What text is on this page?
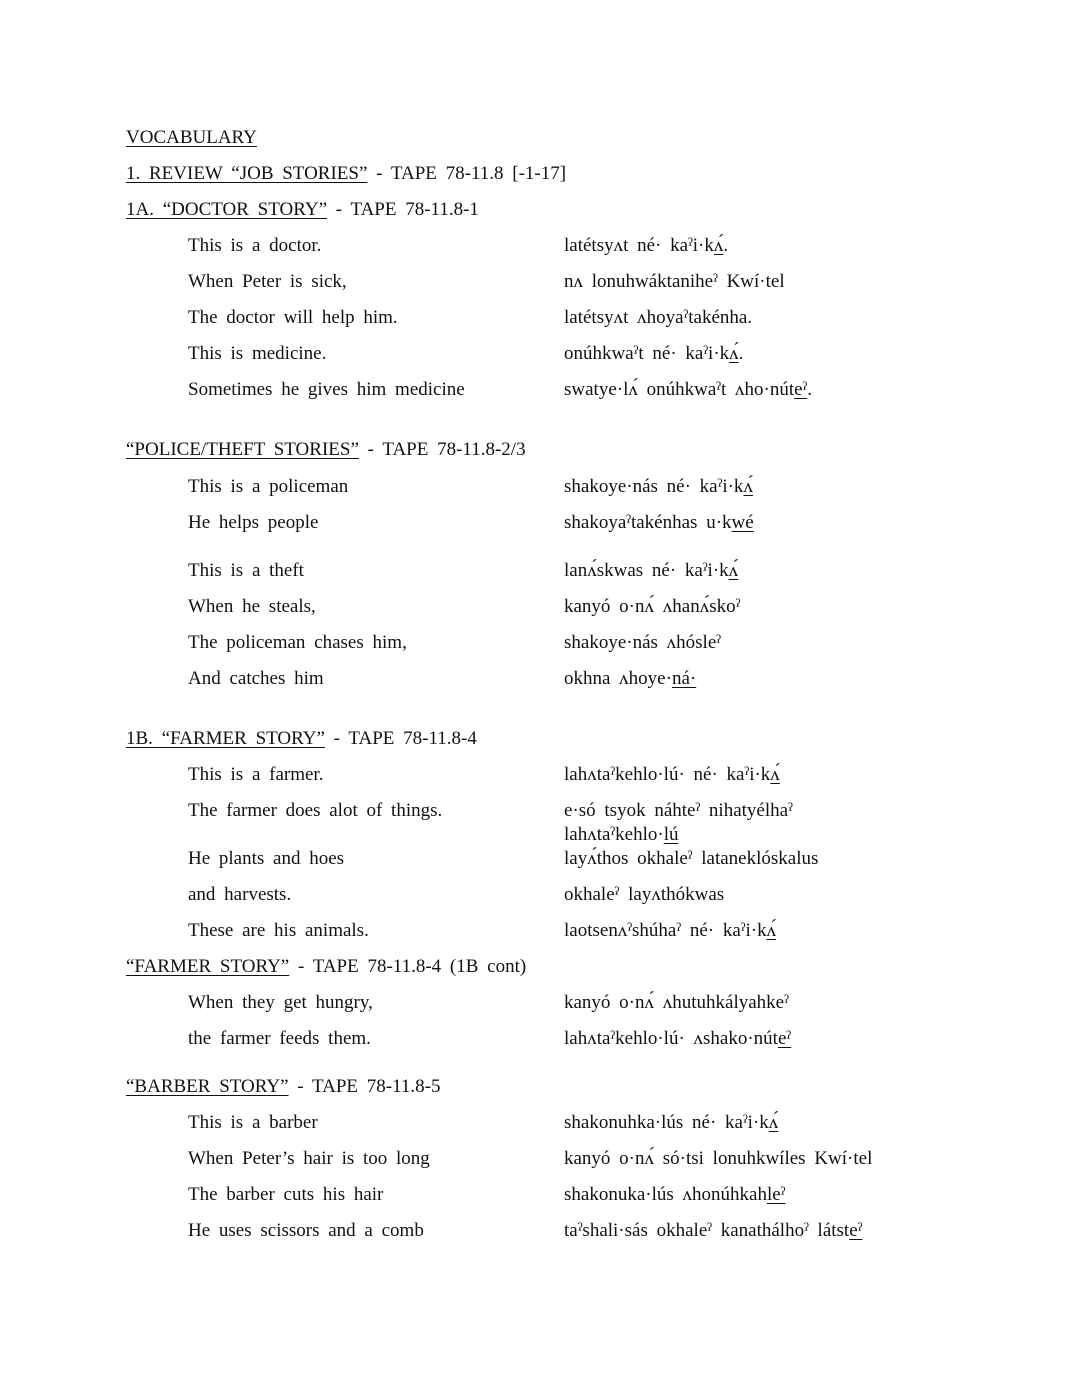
VOCABULARY
1. REVIEW “JOB STORIES” - TAPE 78-11.8 [-1-17]
1A. “DOCTOR STORY” - TAPE 78-11.8-1
This is a doctor.	latétsyʌt né· kaˀi·kʌ́.
When Peter is sick,	nʌ lonuhwáktaniheˀ Kwí·tel
The doctor will help him.	latétsyʌt ʌhoyaˀtakénha.
This is medicine.	onúhkwaˀt né· kaˀi·kʌ́.
Sometimes he gives him medicine	swatye·lʌ́ onúhkwaˀt ʌho·núteˀ.
“POLICE/THEFT STORIES” - TAPE 78-11.8-2/3
This is a policeman	shakoye·nás né· kaˀi·kʌ́
He helps people	shakoyaˀtakénhas u·kwé
This is a theft	lanʌ́skwas né· kaˀi·kʌ́
When he steals,	kanyó o·nʌ́ ʌhanʌ́skoˀ
The policeman chases him,	shakoye·nás ʌhósleˀ
And catches him	okhna ʌhoye·ná·
1B. “FARMER STORY” - TAPE 78-11.8-4
This is a farmer.	lahʌtaˀkehlo·lú· né· kaˀi·kʌ́
The farmer does alot of things.	e·só tsyok náhteˀ nihatyélhaˀ
lahʌtaˀkehlo·lú
He plants and hoes	layʌ́thos okhaleˀ lataneklóskalus
and harvests.	okhaleˀ layʌthókwas
These are his animals.	laotsenʌˀshúhaˀ né· kaˀi·kʌ́
“FARMER STORY” - TAPE 78-11.8-4 (1B cont)
When they get hungry,	kanyó o·nʌ́ ʌhutuhkályahkeˀ
the farmer feeds them.	lahʌtaˀkehlo·lú· ʌshako·núteˀ
“BARBER STORY” - TAPE 78-11.8-5
This is a barber	shakonuhka·lús né· kaˀi·kʌ́
When Peter’s hair is too long	kanyó o·nʌ́ só·tsi lonuhkwíles Kwí·tel
The barber cuts his hair	shakonuka·lús ʌhonúhkahleˀ
He uses scissors and a comb	taˀshali·sás okhaleˀ kanathálhoˀ látsteˀ
